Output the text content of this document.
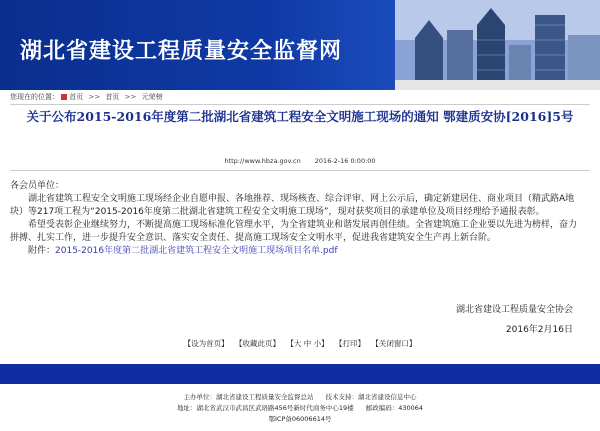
湖北省建设工程质量安全监督网
您现在的位置： 首页 >> 首页 >> 元荣榜
关于公布2015-2016年度第二批湖北省建筑工程安全文明施工现场的通知 鄂建质安协[2016]5号
http://www.hbza.gov.cn 2016-2-16 0:00:00

各会员单位：

湖北省建筑工程安全文明施工现场经企业自愿申报、各地推荐、现场核查、综合评审、网上公示后，确定新建居住、商业项目（精武路A地块）等217项工程为“2015-2016年度第二批湖北省建筑工程安全文明施工现场”，现对获奖项目的承建单位及项目经理给予通报表彰。

希望受表彰企业继续努力，不断提高施工现场标准化管理水平，为全省建筑业和谐发展再创佳绩。全省建筑施工企业要以先进为榜样，奋力拼搏、扎实工作，进一步提升安全意识、落实安全责任、提高施工现场安全文明水平，促进我省建筑安全生产再上新台阶。

附件：2015-2016年度第二批湖北省建筑工程安全文明施工现场项目名单.pdf

湖北省建设工程质量安全协会
2016年2月16日
【设为首页】 【收藏此页】 【大 中 小】 【打印】 【关闭窗口】
主办单位：湖北省建设工程质量安全监督总站 技术支持：湖北省建设信息中心
地址：湖北省武汉市武昌区武珞路456号新时代商务中心19楼 邮政编码：430064
鄂ICP备06006614号
